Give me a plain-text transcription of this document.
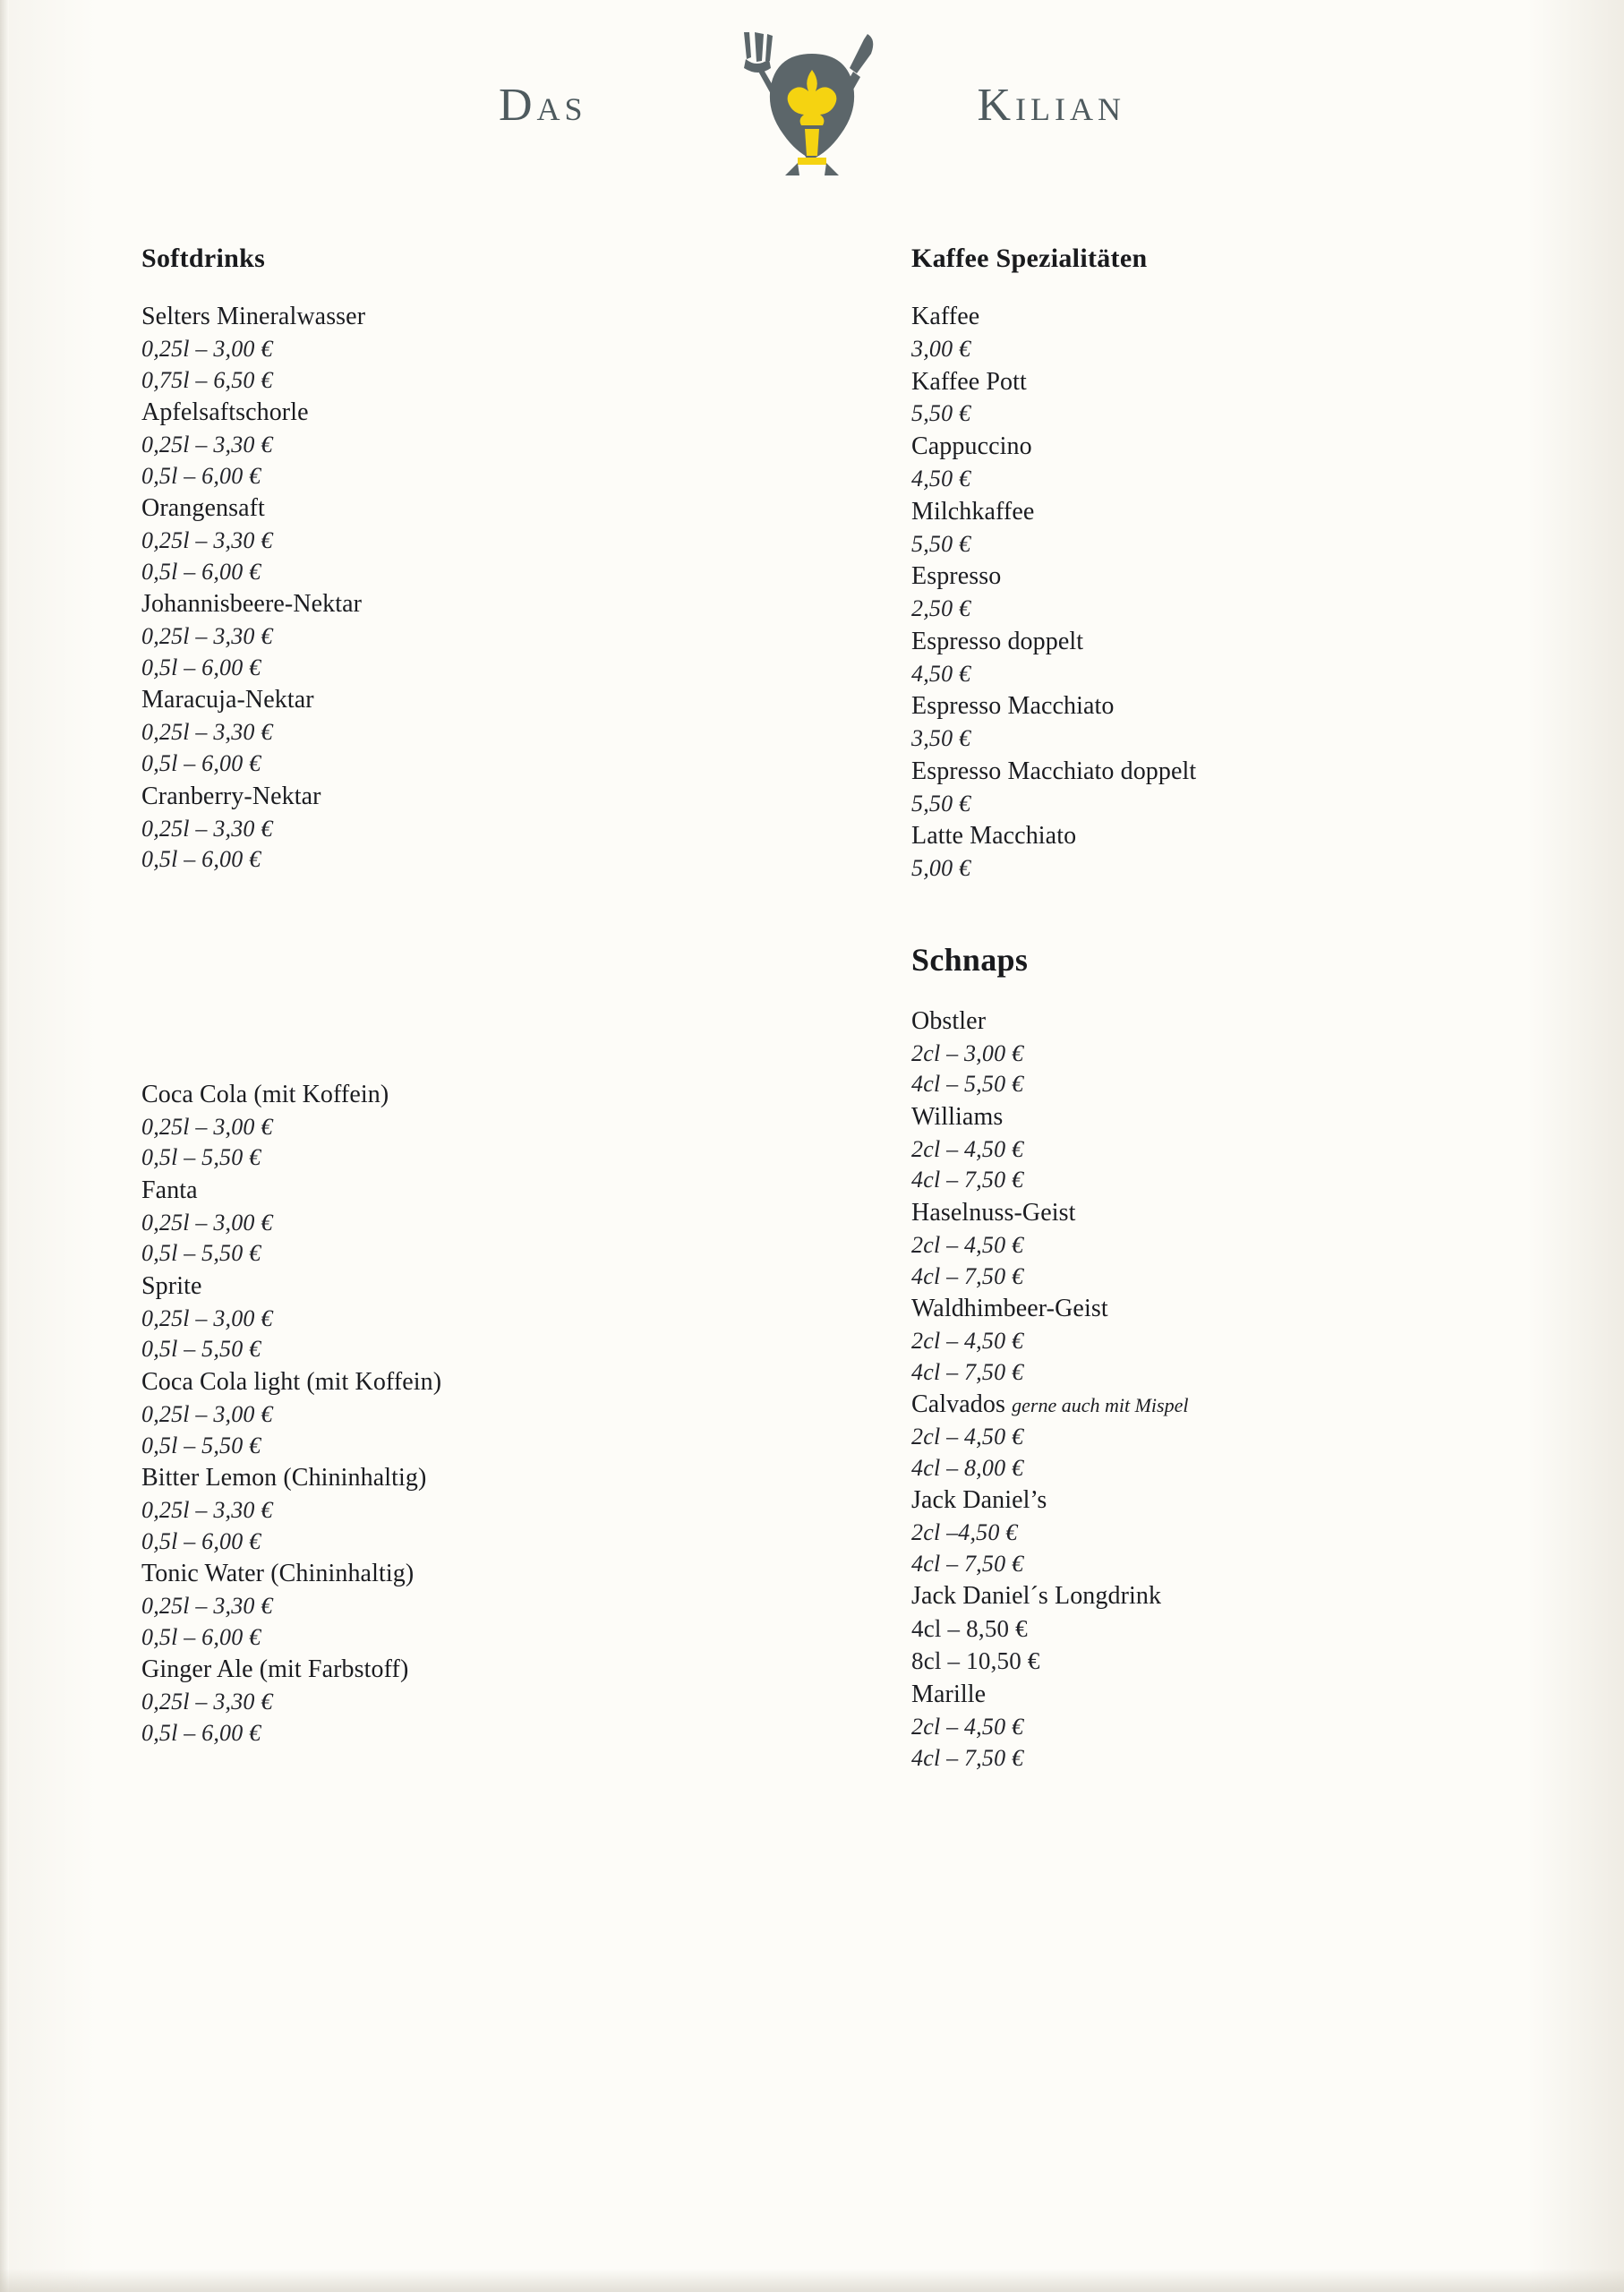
Das	Kilian
Softdrinks
Selters Mineralwasser
0,25l – 3,00 €
0,75l – 6,50 €
Apfelsaftschorle
0,25l – 3,30 €
0,5l – 6,00 €
Orangensaft
0,25l – 3,30 €
0,5l – 6,00 €
Johannisbeere-Nektar
0,25l – 3,30 €
0,5l – 6,00 €
Maracuja-Nektar
0,25l – 3,30 €
0,5l – 6,00 €
Cranberry-Nektar
0,25l – 3,30 €
0,5l – 6,00 €
Coca Cola (mit Koffein)
0,25l – 3,00 €
0,5l – 5,50 €
Fanta
0,25l – 3,00 €
0,5l – 5,50 €
Sprite
0,25l – 3,00 €
0,5l – 5,50 €
Coca Cola light (mit Koffein)
0,25l – 3,00 €
0,5l – 5,50 €
Bitter Lemon (Chininhaltig)
0,25l – 3,30 €
0,5l – 6,00 €
Tonic Water (Chininhaltig)
0,25l – 3,30 €
0,5l – 6,00 €
Ginger Ale (mit Farbstoff)
0,25l – 3,30 €
0,5l – 6,00 €
Kaffee Spezialitäten
Kaffee
3,00 €
Kaffee Pott
5,50 €
Cappuccino
4,50 €
Milchkaffee
5,50 €
Espresso
2,50 €
Espresso doppelt
4,50 €
Espresso Macchiato
3,50 €
Espresso Macchiato doppelt
5,50 €
Latte Macchiato
5,00 €
Schnaps
Obstler
2cl – 3,00 €
4cl – 5,50 €
Williams
2cl – 4,50 €
4cl – 7,50 €
Haselnuss-Geist
2cl – 4,50 €
4cl – 7,50 €
Waldhimbeer-Geist
2cl – 4,50 €
4cl – 7,50 €
Calvados gerne auch mit Mispel
2cl – 4,50 €
4cl – 8,00 €
Jack Daniel’s
2cl –4,50 €
4cl – 7,50 €
Jack Daniel´s Longdrink
4cl – 8,50 €
8cl – 10,50 €
Marille
2cl – 4,50 €
4cl – 7,50 €
